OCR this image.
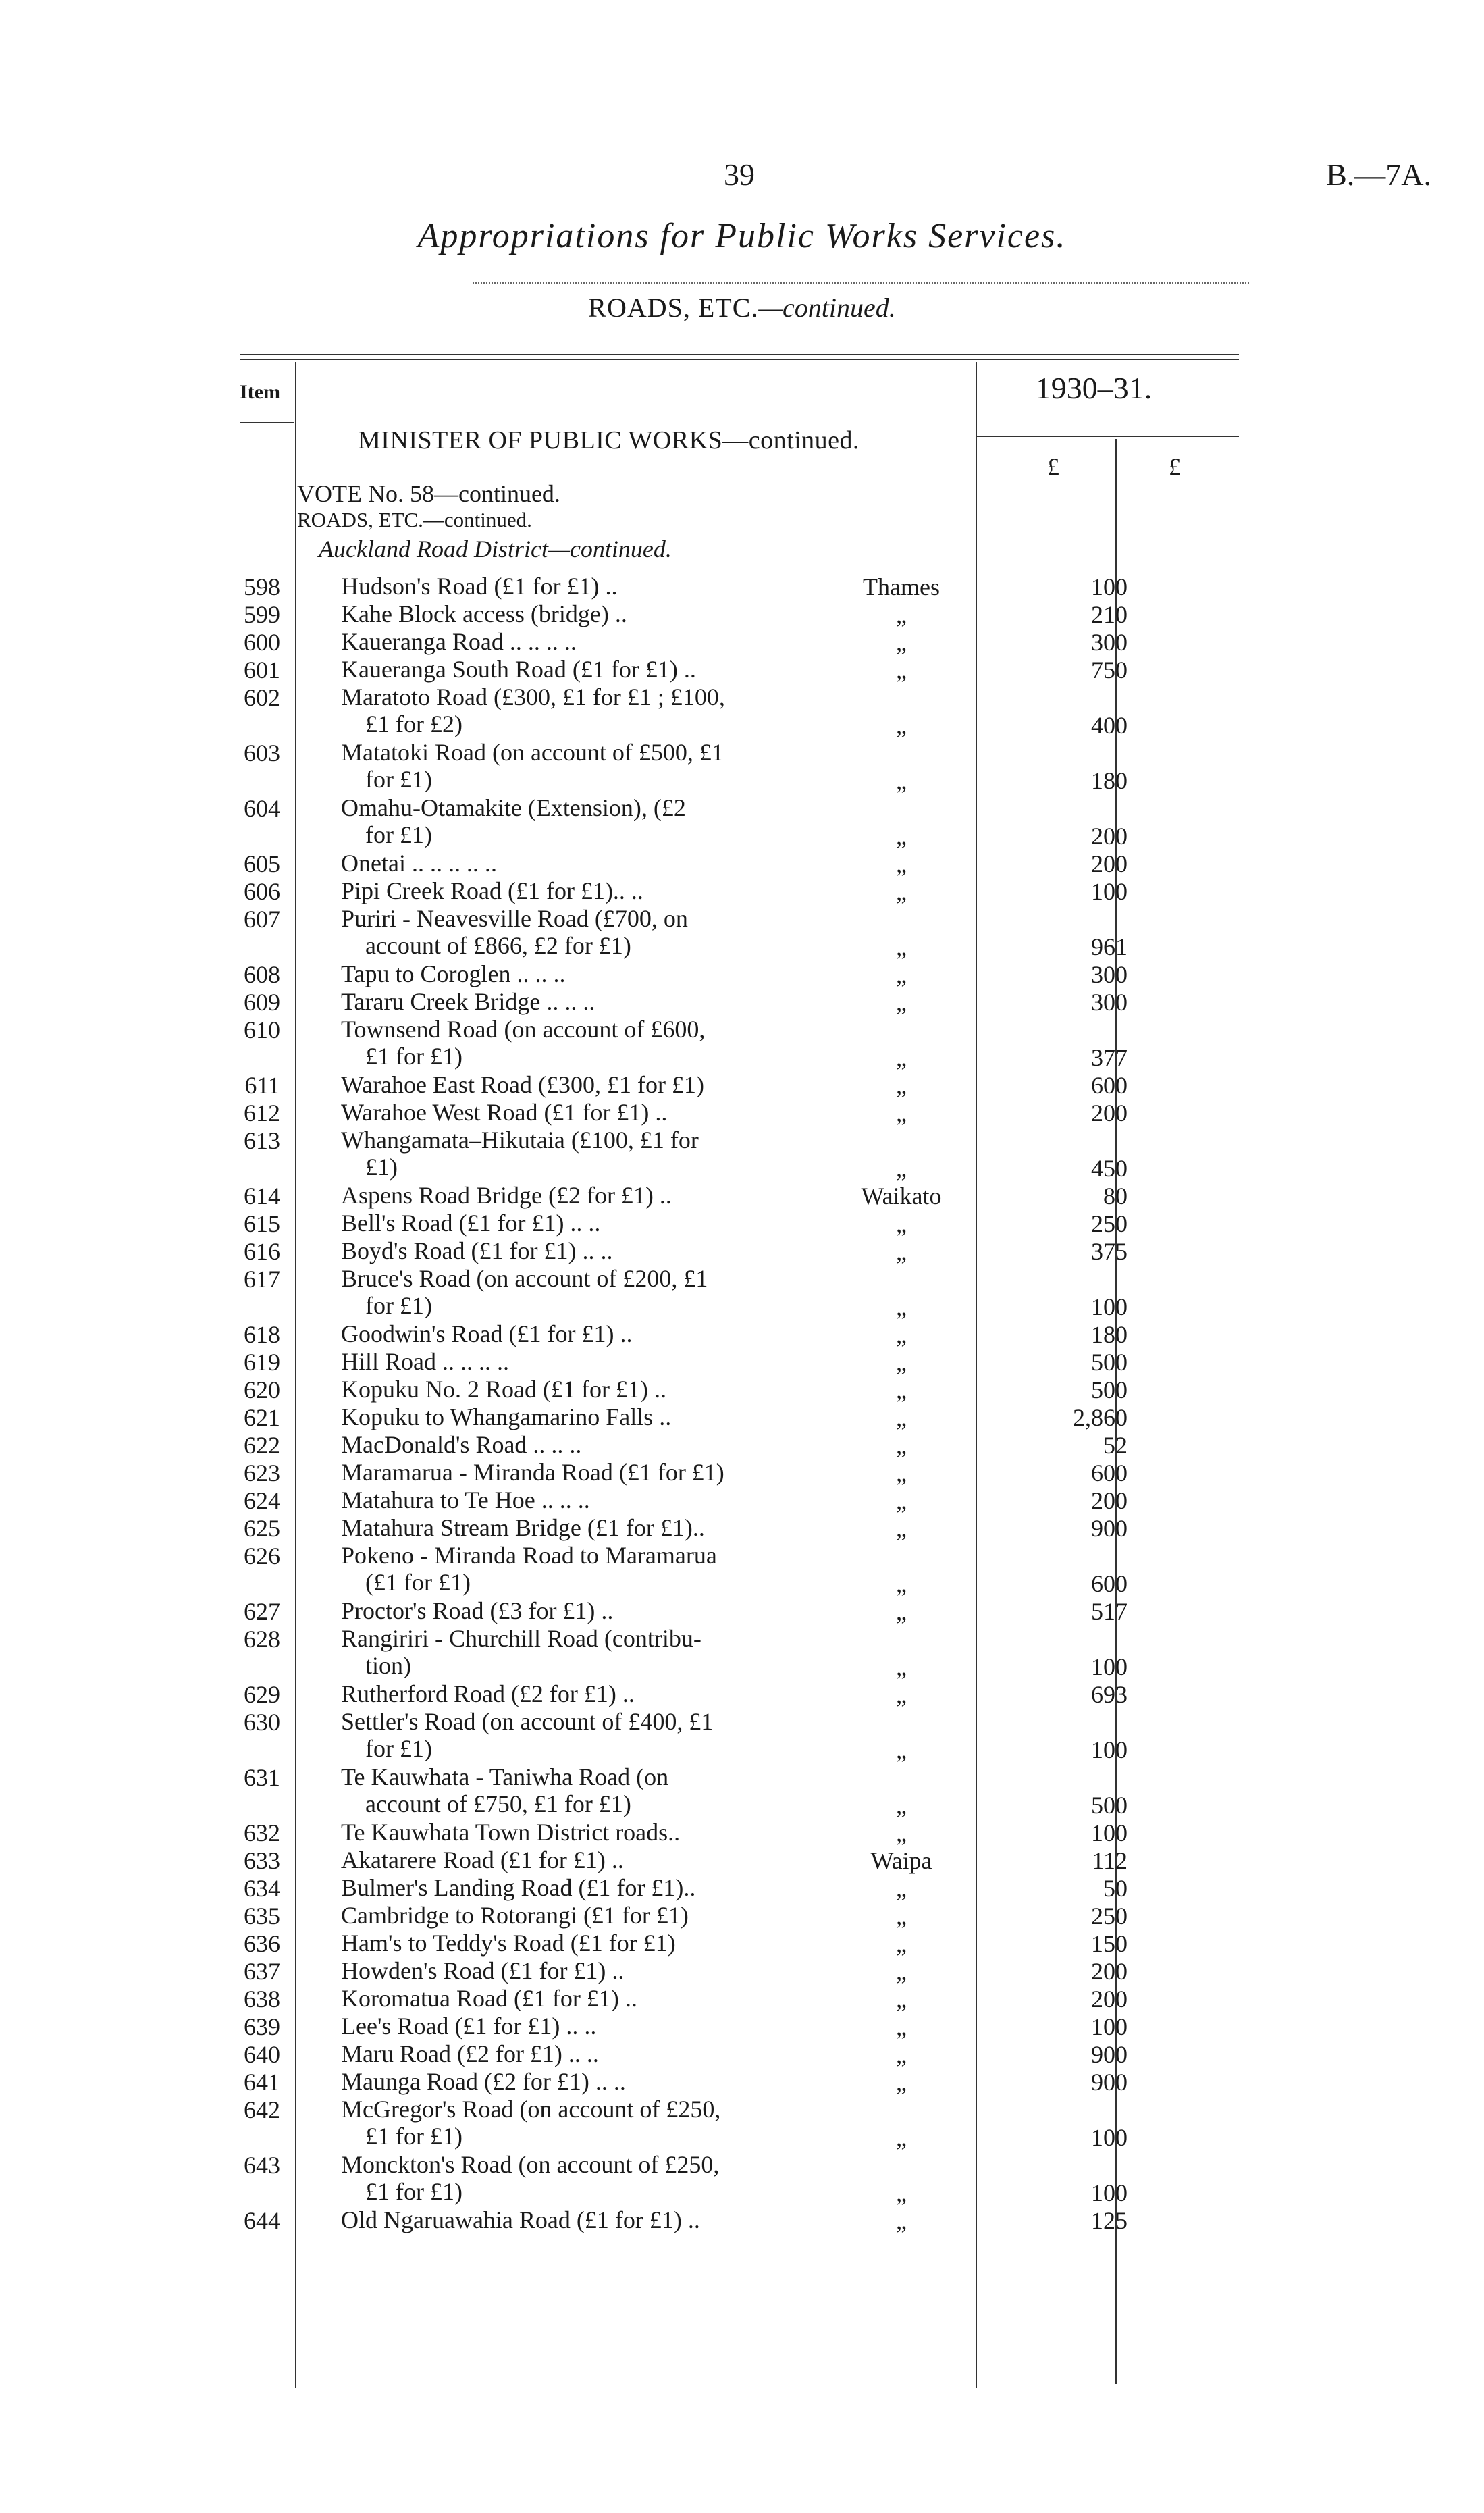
39	B.—7A.
Appropriations for Public Works Services.
ROADS, ETC.—continued.
Item	1930–31.
£	£
MINISTER OF PUBLIC WORKS—continued.
VOTE No. 58—continued.
ROADS, ETC.—continued.
Auckland Road District—continued.
598	Hudson's Road (£1 for £1) ..	Thames	100
599	Kahe Block access (bridge) ..	„	210
600	Kaueranga Road .. .. .. ..	„	300
601	Kaueranga South Road (£1 for £1) ..	„	750
602	Maratoto Road (£300, £1 for £1 ; £100,
£1 for £2)	„	400
603	Matatoki Road (on account of £500, £1
for £1)	„	180
604	Omahu-Otamakite (Extension), (£2
for £1)	„	200
605	Onetai .. .. .. .. ..	„	200
606	Pipi Creek Road (£1 for £1).. ..	„	100
607	Puriri - Neavesville Road (£700, on
account of £866, £2 for £1)	„	961
608	Tapu to Coroglen .. .. ..	„	300
609	Tararu Creek Bridge .. .. ..	„	300
610	Townsend Road (on account of £600,
£1 for £1)	„	377
611	Warahoe East Road (£300, £1 for £1)	„	600
612	Warahoe West Road (£1 for £1) ..	„	200
613	Whangamata–Hikutaia (£100, £1 for
£1)	„	450
614	Aspens Road Bridge (£2 for £1) ..	Waikato	80
615	Bell's Road (£1 for £1) .. ..	„	250
616	Boyd's Road (£1 for £1) .. ..	„	375
617	Bruce's Road (on account of £200, £1
for £1)	„	100
618	Goodwin's Road (£1 for £1) ..	„	180
619	Hill Road .. .. .. ..	„	500
620	Kopuku No. 2 Road (£1 for £1) ..	„	500
621	Kopuku to Whangamarino Falls ..	„	2,860
622	MacDonald's Road .. .. ..	„	52
623	Maramarua - Miranda Road (£1 for £1)	„	600
624	Matahura to Te Hoe .. .. ..	„	200
625	Matahura Stream Bridge (£1 for £1)..	„	900
626	Pokeno - Miranda Road to Maramarua
(£1 for £1)	„	600
627	Proctor's Road (£3 for £1) ..	„	517
628	Rangiriri - Churchill Road (contribu-
tion)	„	100
629	Rutherford Road (£2 for £1) ..	„	693
630	Settler's Road (on account of £400, £1
for £1)	„	100
631	Te Kauwhata - Taniwha Road (on
account of £750, £1 for £1)	„	500
632	Te Kauwhata Town District roads..	„	100
633	Akatarere Road (£1 for £1) ..	Waipa	112
634	Bulmer's Landing Road (£1 for £1)..	„	50
635	Cambridge to Rotorangi (£1 for £1)	„	250
636	Ham's to Teddy's Road (£1 for £1)	„	150
637	Howden's Road (£1 for £1) ..	„	200
638	Koromatua Road (£1 for £1) ..	„	200
639	Lee's Road (£1 for £1) .. ..	„	100
640	Maru Road (£2 for £1) .. ..	„	900
641	Maunga Road (£2 for £1) .. ..	„	900
642	McGregor's Road (on account of £250,
£1 for £1)	„	100
643	Monckton's Road (on account of £250,
£1 for £1)	„	100
644	Old Ngaruawahia Road (£1 for £1) ..	„	125
